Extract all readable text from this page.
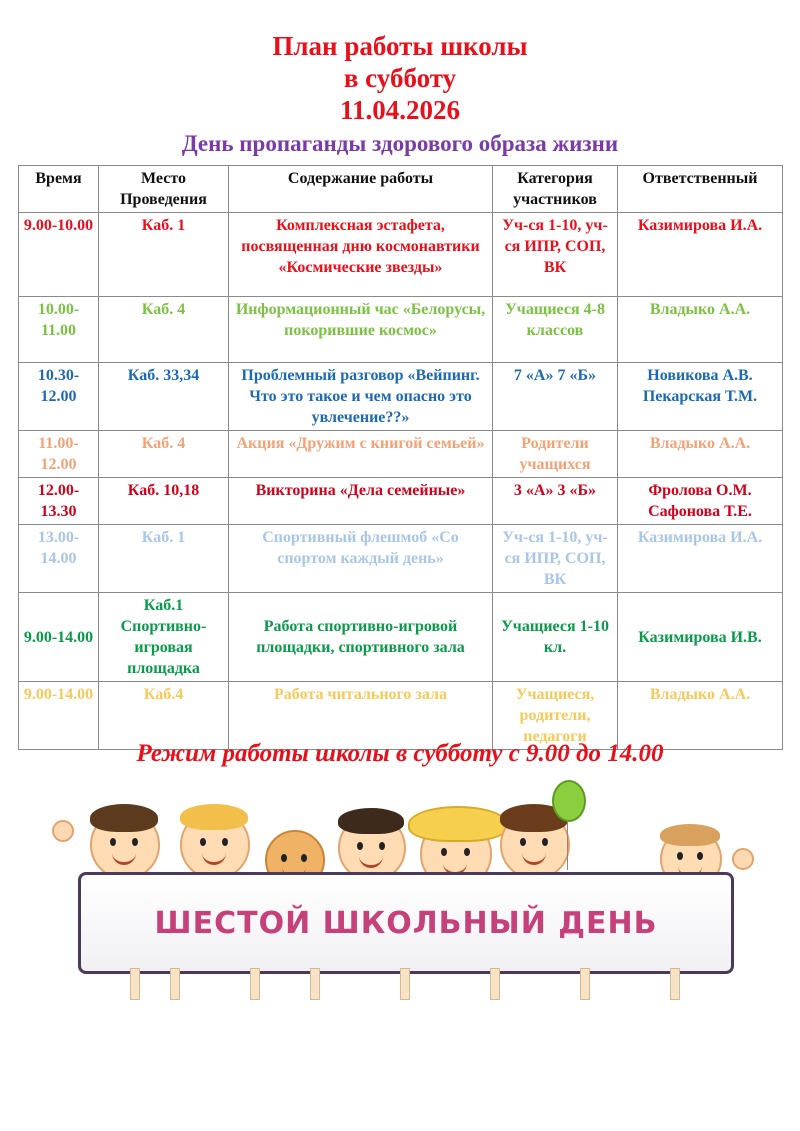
План работы школы
в субботу
11.04.2026
День пропаганды здорового образа жизни
Время	Место Проведения	Содержание работы	Категория участников	Ответственный
9.00-10.00	Каб. 1	Комплексная эстафета, посвященная дню космонавтики «Космические звезды»	Уч-ся 1-10, уч-ся ИПР, СОП, ВК	Казимирова И.А.
10.00-11.00	Каб. 4	Информационный час «Белорусы, покорившие космос»	Учащиеся 4-8 классов	Владыко А.А.
10.30-12.00	Каб. 33,34	Проблемный разговор «Вейпинг. Что это такое и чем опасно это увлечение??»	7 «А» 7 «Б»	Новикова А.В. Пекарская Т.М.
11.00-12.00	Каб. 4	Акция «Дружим с книгой семьей»	Родители учащихся	Владыко А.А.
12.00-13.30	Каб. 10,18	Викторина «Дела семейные»	3 «А» 3 «Б»	Фролова О.М. Сафонова Т.Е.
13.00-14.00	Каб. 1	Спортивный флешмоб «Со спортом каждый день»	Уч-ся 1-10, уч-ся ИПР, СОП, ВК	Казимирова И.А.
9.00-14.00	Каб.1 Спортивно-игровая площадка	Работа спортивно-игровой площадки, спортивного зала	Учащиеся 1-10 кл.	Казимирова И.В.
9.00-14.00	Каб.4	Работа читального зала	Учащиеся, родители, педагоги	Владыко А.А.
Режим работы школы в субботу с 9.00 до 14.00
ШЕСТОЙ ШКОЛЬНЫЙ ДЕНЬ
